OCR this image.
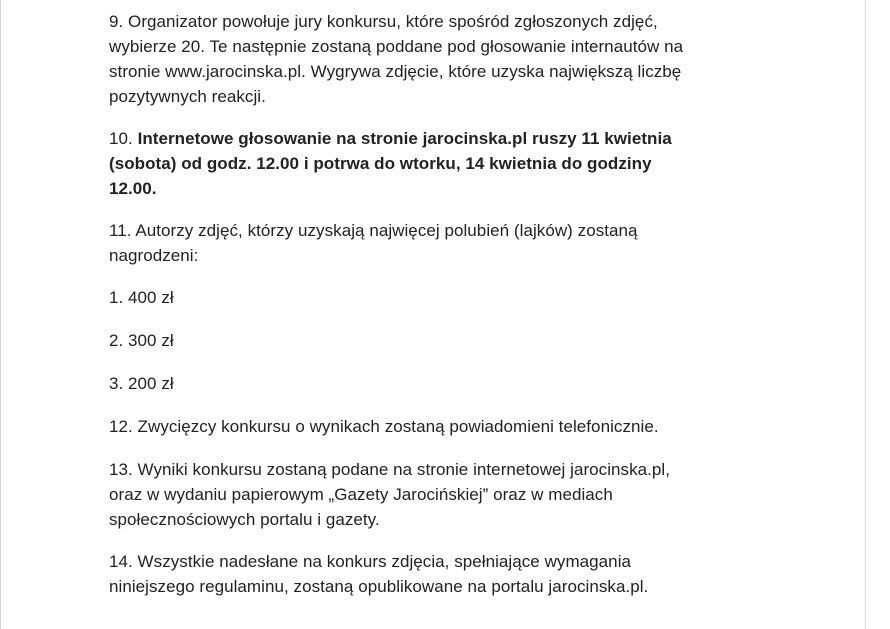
9. Organizator powołuje jury konkursu, które spośród zgłoszonych zdjęć,
wybierze 20. Te następnie zostaną poddane pod głosowanie internautów na
stronie www.jarocinska.pl. Wygrywa zdjęcie, które uzyska największą liczbę
pozytywnych reakcji.

10. Internetowe głosowanie na stronie jarocinska.pl ruszy 11 kwietnia
(sobota) od godz. 12.00 i potrwa do wtorku, 14 kwietnia do godziny
12.00.

11. Autorzy zdjęć, którzy uzyskają najwięcej polubień (lajków) zostaną
nagrodzeni:

1. 400 zł

2. 300 zł

3. 200 zł

12. Zwycięzcy konkursu o wynikach zostaną powiadomieni telefonicznie.

13. Wyniki konkursu zostaną podane na stronie internetowej jarocinska.pl,
oraz w wydaniu papierowym „Gazety Jarocińskiej” oraz w mediach
społecznościowych portalu i gazety.

14. Wszystkie nadesłane na konkurs zdjęcia, spełniające wymagania
niniejszego regulaminu, zostaną opublikowane na portalu jarocinska.pl.
